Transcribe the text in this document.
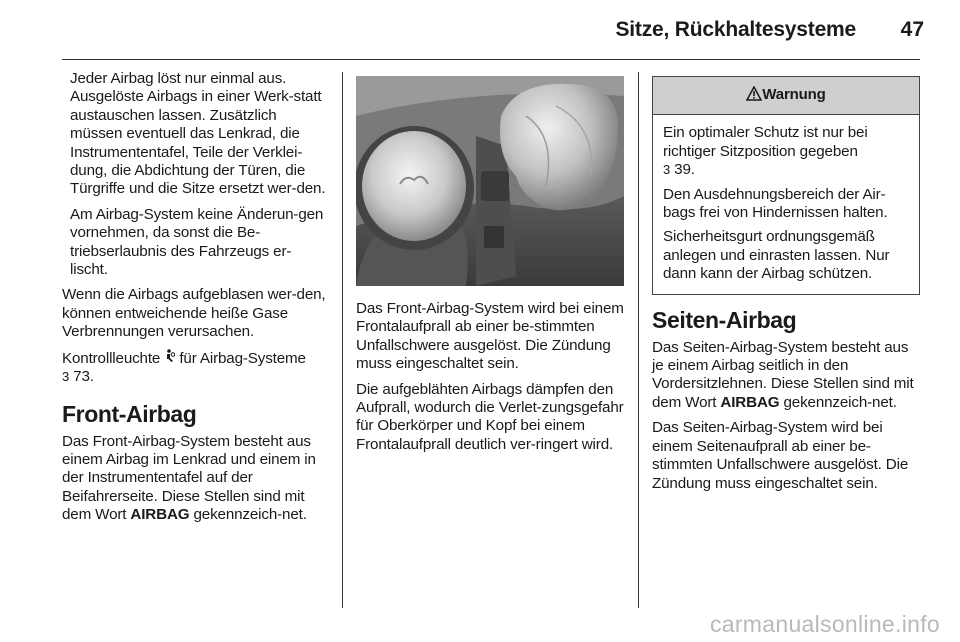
Sitze, Rückhaltesysteme 47

Jeder Airbag löst nur einmal aus. Ausgelöste Airbags in einer Werk-statt austauschen lassen. Zusätzlich müssen eventuell das Lenkrad, die Instrumententafel, Teile der Verklei-dung, die Abdichtung der Türen, die Türgriffe und die Sitze ersetzt wer-den.

Am Airbag-System keine Änderun-gen vornehmen, da sonst die Be-triebserlaubnis des Fahrzeugs er-lischt.

Wenn die Airbags aufgeblasen wer-den, können entweichende heiße Gase Verbrennungen verursachen.

Kontrollleuchte  für Airbag-Systeme
3 73.

Front-Airbag

Das Front-Airbag-System besteht aus einem Airbag im Lenkrad und einem in der Instrumententafel auf der Beifahrerseite. Diese Stellen sind mit dem Wort AIRBAG gekennzeich-net.

Das Front-Airbag-System wird bei einem Frontalaufprall ab einer be-stimmten Unfallschwere ausgelöst. Die Zündung muss eingeschaltet sein.

Die aufgeblähten Airbags dämpfen den Aufprall, wodurch die Verlet-zungsgefahr für Oberkörper und Kopf bei einem Frontalaufprall deutlich ver-ringert wird.

Warnung

Ein optimaler Schutz ist nur bei richtiger Sitzposition gegeben
3 39.

Den Ausdehnungsbereich der Air-bags frei von Hindernissen halten.

Sicherheitsgurt ordnungsgemäß anlegen und einrasten lassen. Nur dann kann der Airbag schützen.

Seiten-Airbag

Das Seiten-Airbag-System besteht aus je einem Airbag seitlich in den Vordersitzlehnen. Diese Stellen sind mit dem Wort AIRBAG gekennzeich-net.

Das Seiten-Airbag-System wird bei einem Seitenaufprall ab einer be-stimmten Unfallschwere ausgelöst. Die Zündung muss eingeschaltet sein.

carmanualsonline.info
